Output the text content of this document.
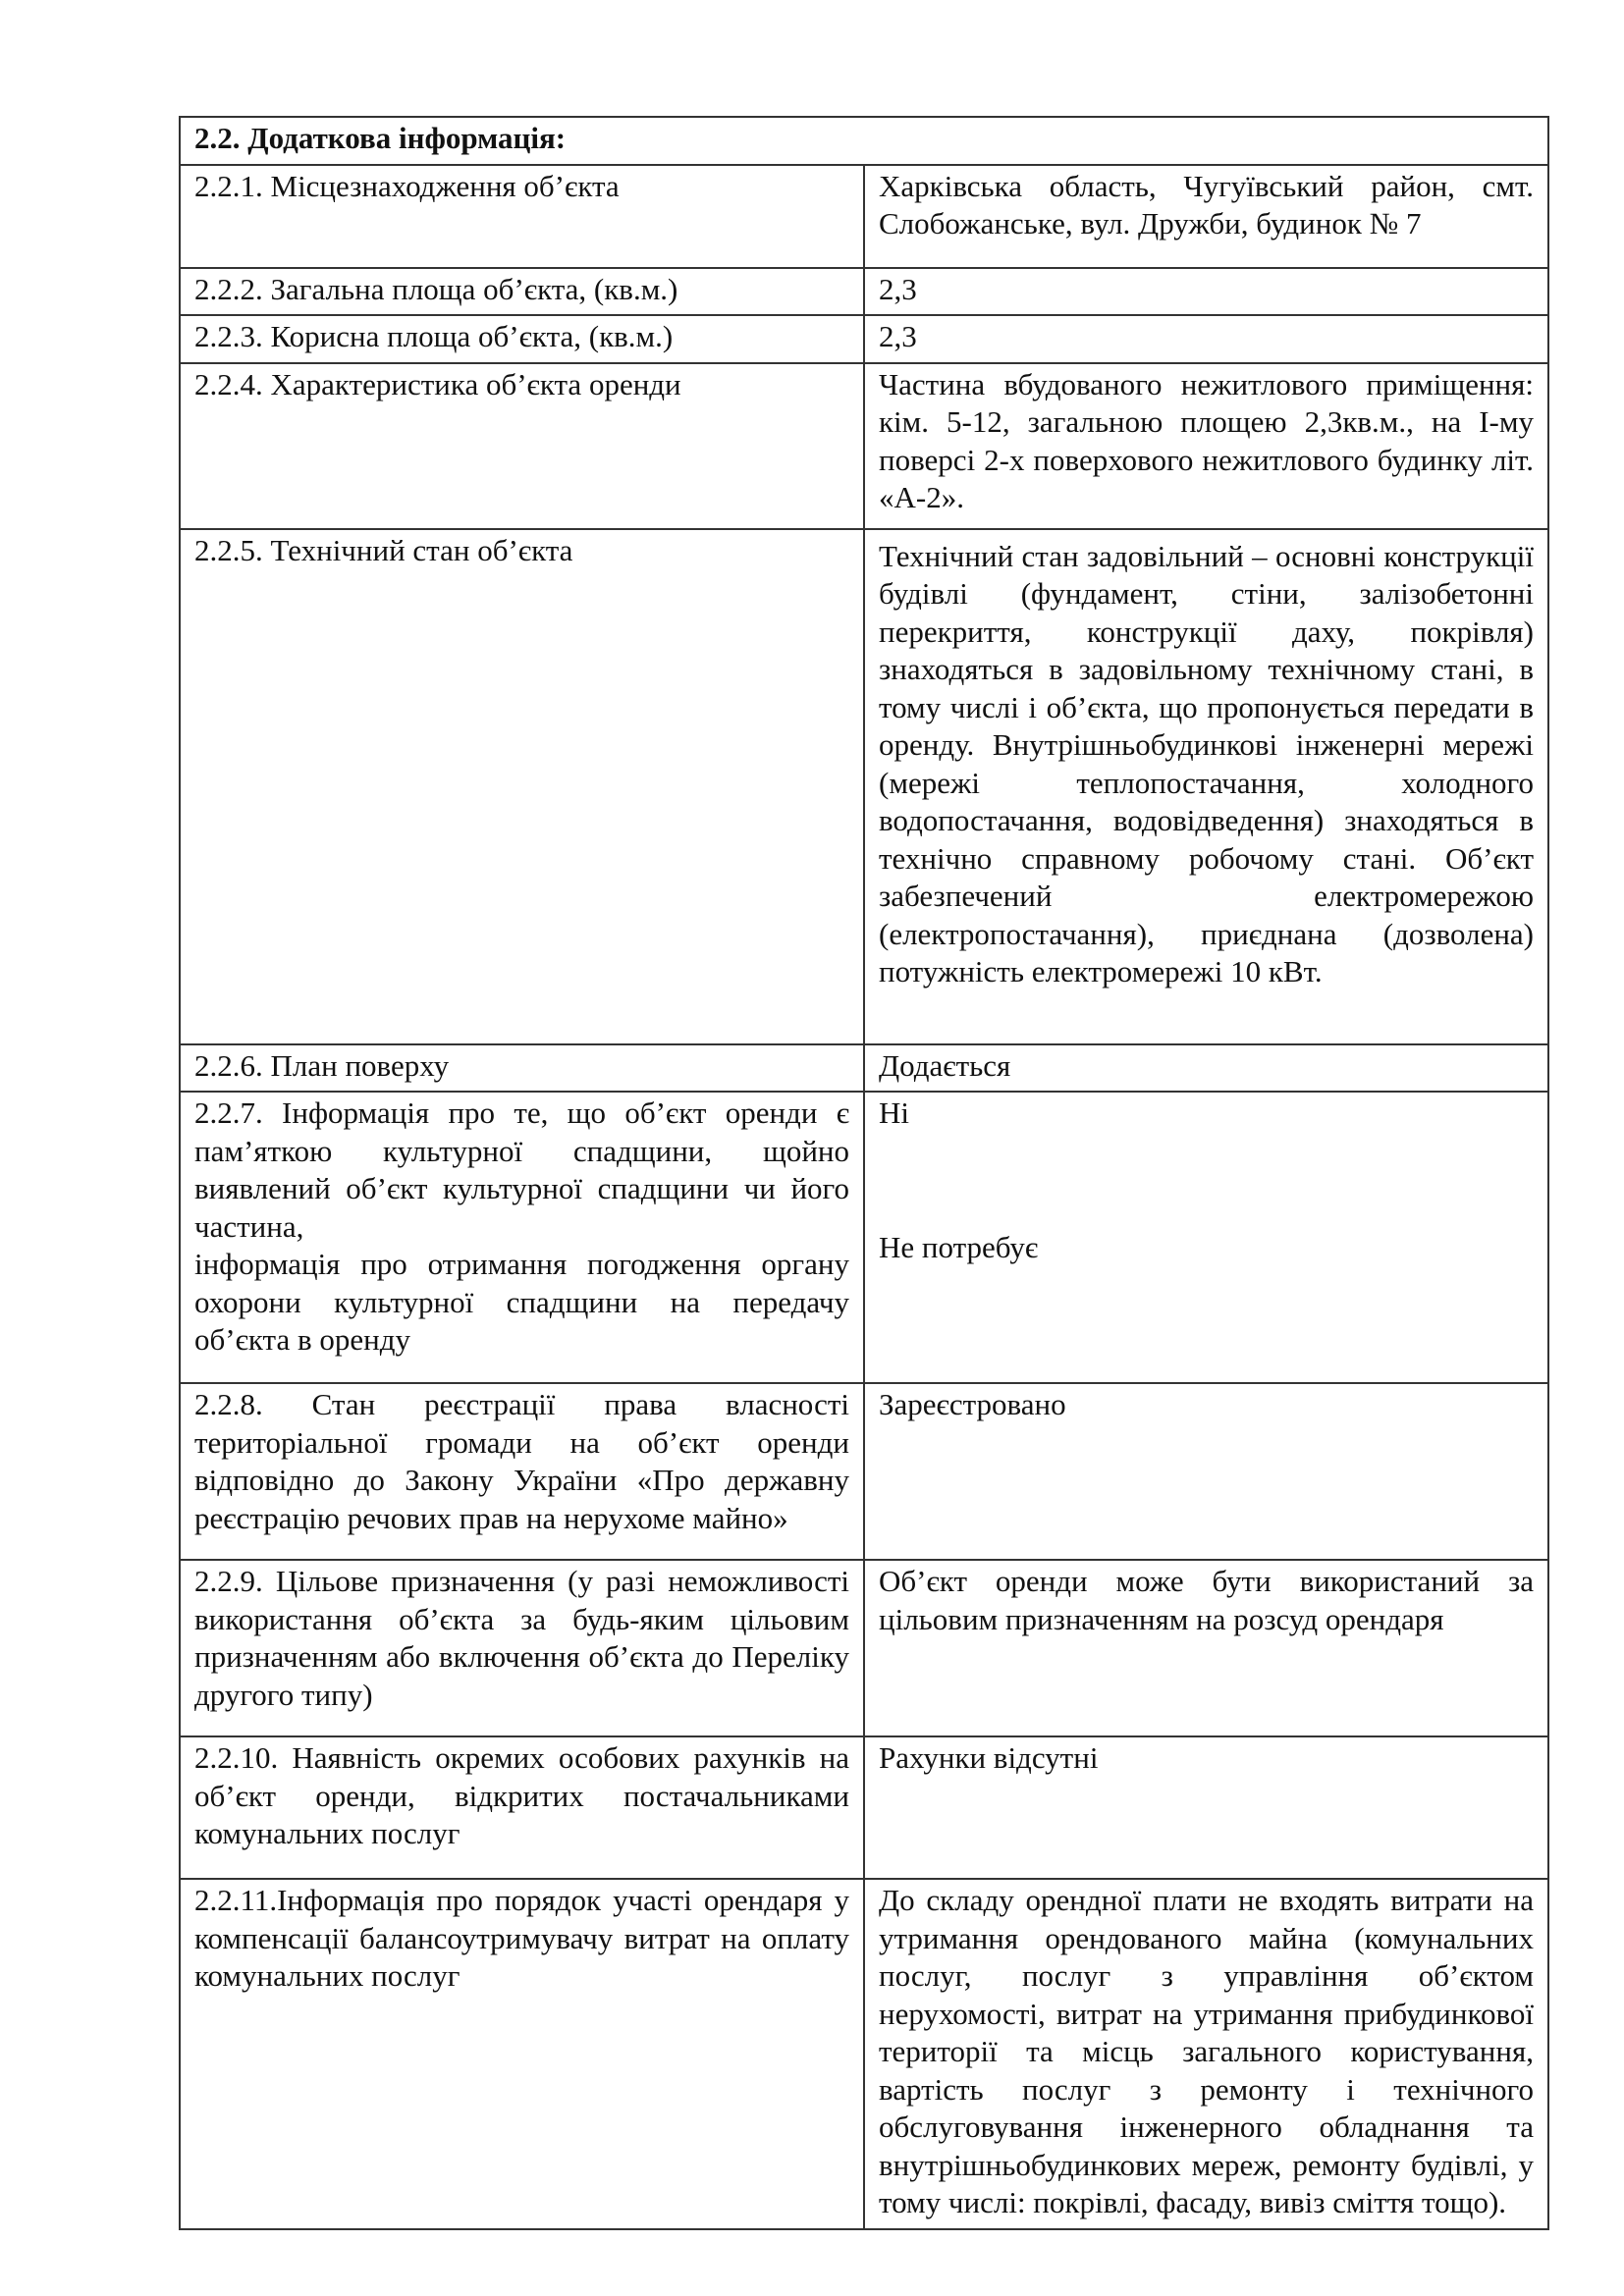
2.2. Додаткова інформація:	
2.2.1. Місцезнаходження об’єкта	Харківська область, Чугуївський район, смт. Слобожанське, вул. Дружби, будинок № 7
2.2.2. Загальна площа об’єкта, (кв.м.)	2,3
2.2.3. Корисна площа об’єкта, (кв.м.)	2,3
2.2.4. Характеристика об’єкта оренди	Частина вбудованого нежитлового приміщення: кім. 5-12, загальною площею 2,3кв.м., на І-му поверсі 2-х поверхового нежитлового будинку літ. «А-2».
2.2.5. Технічний стан об’єкта	Технічний стан задовільний – основні конструкції будівлі (фундамент, стіни, залізобетонні перекриття, конструкції даху, покрівля) знаходяться в задовільному технічному стані, в тому числі і об’єкта, що пропонується передати в оренду. Внутрішньобудинкові інженерні мережі (мережі теплопостачання, холодного водопостачання, водовідведення) знаходяться в технічно справному робочому стані. Об’єкт забезпечений електромережою (електропостачання), приєднана (дозволена) потужність електромережі 10 кВт.
2.2.6. План поверху	Додається

2.2.7. Інформація про те, що об’єкт оренди є пам’яткою культурної спадщини, щойно виявлений об’єкт культурної спадщини чи його частина,
інформація про отримання погодження органу охорони культурної спадщини на передачу об’єкта в оренду	Ні
Не потребує

2.2.8. Стан реєстрації права власності територіальної громади на об’єкт оренди відповідно до Закону України «Про державну реєстрацію речових прав на нерухоме майно»	Зареєстровано
2.2.9. Цільове призначення (у разі неможливості використання об’єкта за будь-яким цільовим призначенням або включення об’єкта до Переліку другого типу)	Об’єкт оренди може бути використаний за цільовим призначенням на розсуд орендаря
2.2.10. Наявність окремих особових рахунків на об’єкт оренди, відкритих постачальниками комунальних послуг	Рахунки відсутні
2.2.11.Інформація про порядок участі орендаря у компенсації балансоутримувачу витрат на оплату комунальних послуг	До складу орендної плати не входять витрати на утримання орендованого майна (комунальних послуг, послуг з управління об’єктом нерухомості, витрат на утримання прибудинкової території та місць загального користування, вартість послуг з ремонту і технічного обслуговування інженерного обладнання та внутрішньобудинкових мереж, ремонту будівлі, у тому числі: покрівлі, фасаду, вивіз сміття тощо).
